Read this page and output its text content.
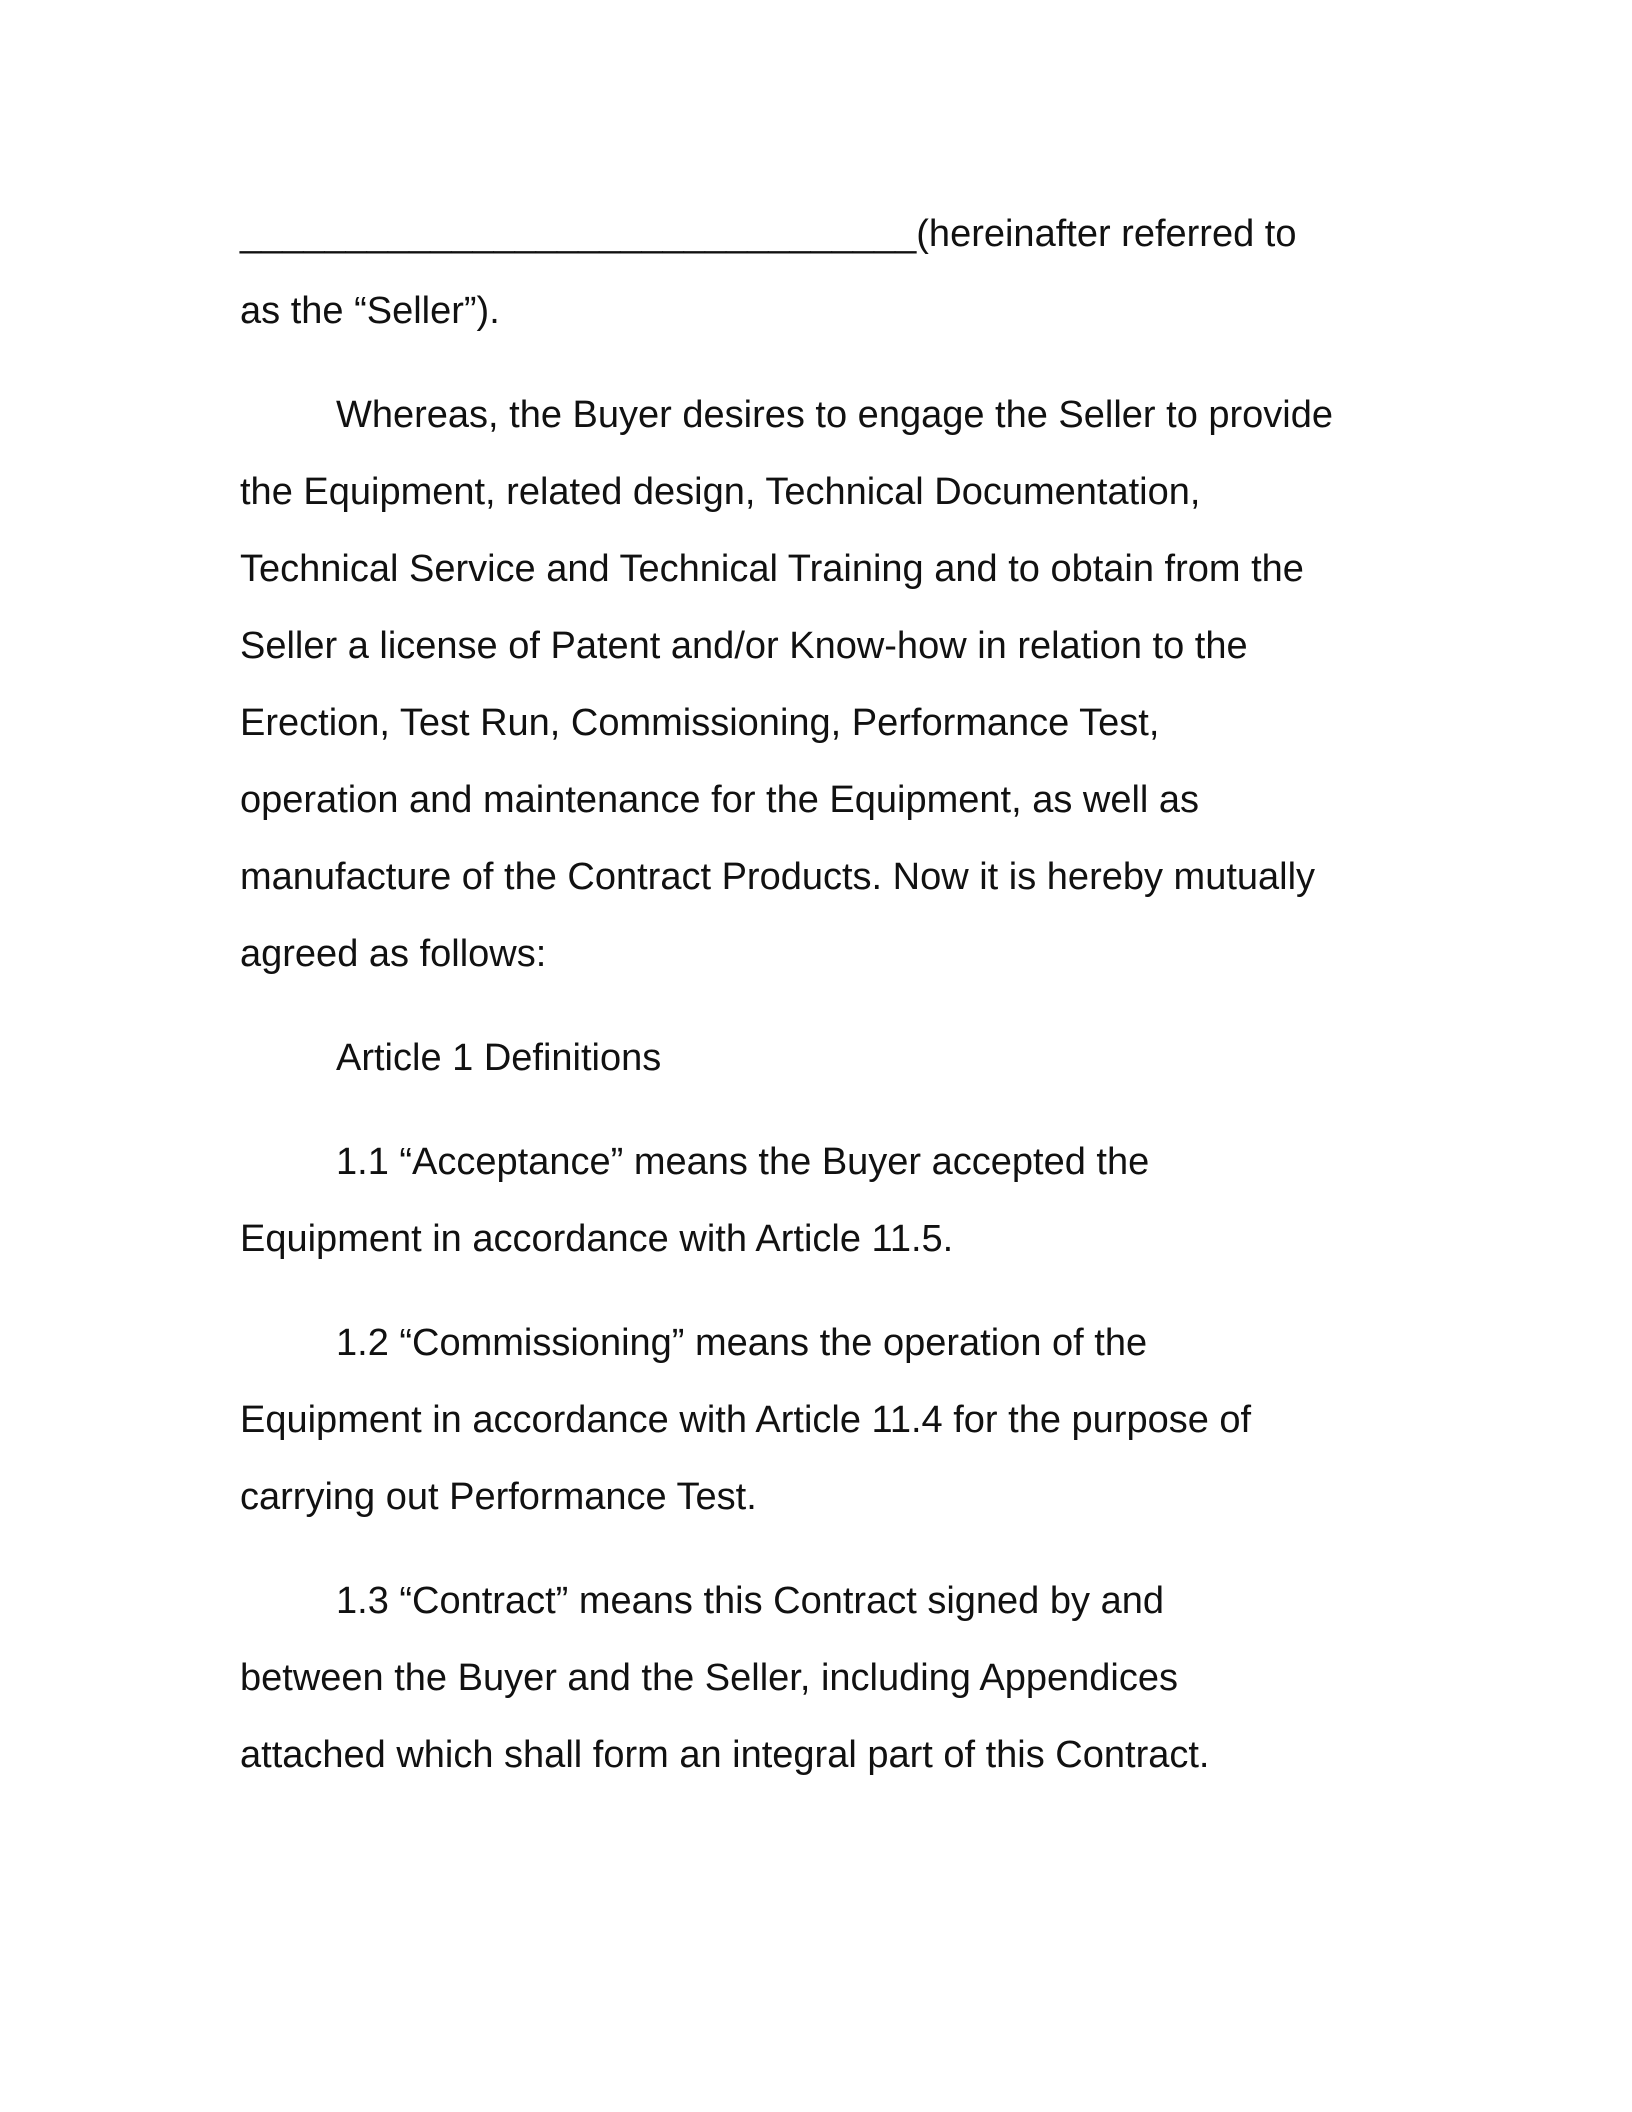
________________________________(hereinafter referred to
as the “Seller”).

Whereas, the Buyer desires to engage the Seller to provide
the Equipment, related design, Technical Documentation,
Technical Service and Technical Training and to obtain from the
Seller a license of Patent and/or Know-how in relation to the
Erection, Test Run, Commissioning, Performance Test,
operation and maintenance for the Equipment, as well as
manufacture of the Contract Products. Now it is hereby mutually
agreed as follows:

Article 1 Definitions

1.1 “Acceptance” means the Buyer accepted the
Equipment in accordance with Article 11.5.

1.2 “Commissioning” means the operation of the
Equipment in accordance with Article 11.4 for the purpose of
carrying out Performance Test.

1.3 “Contract” means this Contract signed by and
between the Buyer and the Seller, including Appendices
attached which shall form an integral part of this Contract.
